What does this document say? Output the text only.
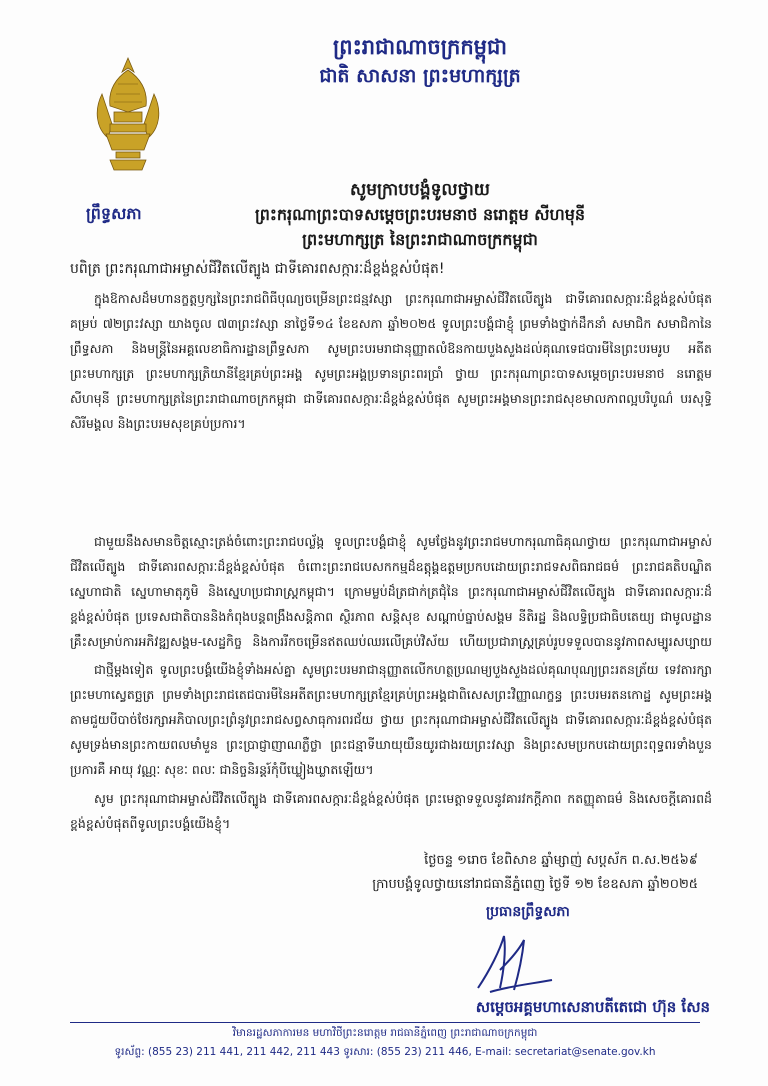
ព្រះរាជាណាចក្រកម្ពុជា
ជាតិ សាសនា ព្រះមហាក្សត្រ
ព្រឹទ្ធសភា
សូមក្រាបបង្គំទូលថ្វាយ
ព្រះករុណាព្រះបាទសម្តេចព្រះបរមនាថ នរោត្តម សីហមុនី
ព្រះមហាក្សត្រ នៃព្រះរាជាណាចក្រកម្ពុជា
បពិត្រ ព្រះករុណាជាអម្ចាស់ជីវិតលើត្បូង ជាទីគោរពសក្ការៈដ៏ខ្ពង់ខ្ពស់បំផុត!
ក្នុងឱកាសដ៏មហានក្ខត្តឫក្សនៃព្រះរាជពិធីបុណ្យចម្រើនព្រះជន្មវស្សា ព្រះករុណាជាអម្ចាស់ជីវិតលើត្បូង ជាទីគោរពសក្ការៈដ៏ខ្ពង់ខ្ពស់បំផុត គម្រប់ ៧២ព្រះវស្សា យាងចូល ៧៣ព្រះវស្សា នាថ្ងៃទី១៤ ខែឧសភា ឆ្នាំ២០២៥ ទូលព្រះបង្គំជាខ្ញុំ ព្រមទាំងថ្នាក់ដឹកនាំ សមាជិក សមាជិកានៃព្រឹទ្ធសភា និងមន្ត្រីនៃអគ្គលេខាធិការដ្ឋានព្រឹទ្ធសភា សូមព្រះបរមរាជានុញ្ញាតលំឱនកាយបួងសួងដល់គុណទេជបារមីនៃព្រះបរមរូប អតីតព្រះមហាក្សត្រ ព្រះមហាក្សត្រិយានីខ្មែរគ្រប់ព្រះអង្គ សូមព្រះអង្គប្រទានព្រះពរប្រាំ ថ្វាយ ព្រះករុណាព្រះបាទសម្តេចព្រះបរមនាថ នរោត្តម សីហមុនី ព្រះមហាក្សត្រនៃព្រះរាជាណាចក្រកម្ពុជា ជាទីគោរពសក្ការៈដ៏ខ្ពង់ខ្ពស់បំផុត សូមព្រះអង្គមានព្រះរាជសុខមាលភាពល្អបរិបូណ៌ បរសុទ្ធិ សិរីមង្គល និងព្រះបរមសុខគ្រប់ប្រការ។
ជាមួយនឹងសមានចិត្តស្មោះត្រង់ចំពោះព្រះរាជបល្ល័ង្ក ទូលព្រះបង្គំជាខ្ញុំ សូមថ្លែងនូវព្រះរាជមហាករុណាធិគុណថ្វាយ ព្រះករុណាជាអម្ចាស់ជីវិតលើត្បូង ជាទីគោរពសក្ការៈដ៏ខ្ពង់ខ្ពស់បំផុត ចំពោះព្រះរាជបេសកកម្មដ៏ឧត្តុង្គឧត្តមប្រកបដោយព្រះរាជទសពិធរាជធម៌ ព្រះរាជគតិបណ្ឌិតស្នេហាជាតិ ស្នេហាមាតុភូមិ និងស្នេហប្រជារាស្ត្រកម្ពុជា។ ក្រោមម្លប់ដ៏ត្រជាក់ត្រជុំនៃ ព្រះករុណាជាអម្ចាស់ជីវិតលើត្បូង ជាទីគោរពសក្ការៈដ៏ខ្ពង់ខ្ពស់បំផុត ប្រទេសជាតិបាននិងកំពុងបន្តពង្រឹងសន្តិភាព ស្ថិរភាព សន្តិសុខ សណ្តាប់ធ្នាប់សង្គម នីតិរដ្ឋ និងលទ្ធិប្រជាធិបតេយ្យ ជាមូលដ្ឋានគ្រឹះសម្រាប់ការអភិវឌ្ឍសង្គម-សេដ្ឋកិច្ច និងការរីកចម្រើនឥតឈប់ឈរលើគ្រប់វិស័យ ហើយប្រជារាស្ត្រគ្រប់រូបទទួលបាននូវភាពសម្បូរសប្បាយ
ជាថ្មីម្តងទៀត ទូលព្រះបង្គំយើងខ្ញុំទាំងអស់គ្នា សូមព្រះបរមរាជានុញ្ញាតលើកហត្ថប្រណម្យបួងសួងដល់គុណបុណ្យព្រះរតនត្រ័យ ទេវតារក្សាព្រះមហាស្វេតច្ឆត្រ ព្រមទាំងព្រះរាជតេជបារមីនៃអតីតព្រះមហាក្សត្រខ្មែរគ្រប់ព្រះអង្គជាពិសេសព្រះវិញ្ញាណក្ខន្ធ ព្រះបរមរតនកោដ្ឋ សូមព្រះអង្គតាមជួយបីបាច់ថែរក្សាអភិបាលព្រះព្រំនូវព្រះរាជសព្វសាធុការពរជ័យ ថ្វាយ ព្រះករុណាជាអម្ចាស់ជីវិតលើត្បូង ជាទីគោរពសក្ការៈដ៏ខ្ពង់ខ្ពស់បំផុត សូមទ្រង់មានព្រះកាយពលមាំមួន ព្រះប្រាជ្ញាញាណភ្លឺថ្លា ព្រះជន្មាទីឃាយុយឺនយូរជាងរយព្រះវស្សា និងព្រះសមប្រកបដោយព្រះពុទ្ធពរទាំងបួនប្រការគឺ អាយុ វណ្ណៈ សុខៈ ពលៈ ជានិច្ចនិរន្តរ៍កុំបីឃ្លៀងឃ្លាតឡើយ។
សូម ព្រះករុណាជាអម្ចាស់ជីវិតលើត្បូង ជាទីគោរពសក្ការៈដ៏ខ្ពង់ខ្ពស់បំផុត ព្រះមេត្តាទទួលនូវគារវកក្តីភាព កតញ្ញុតាធម៌ និងសេចក្តីគោរពដ៏ខ្ពង់ខ្ពស់បំផុតពីទូលព្រះបង្គំយើងខ្ញុំ។
ថ្ងៃចន្ទ ១រោច ខែពិសាខ ឆ្នាំម្សាញ់ សប្តស័ក ព.ស.២៥៦៩
ក្រាបបង្គំទូលថ្វាយនៅរាជធានីភ្នំពេញ ថ្ងៃទី ១២ ខែឧសភា ឆ្នាំ២០២៥
ប្រធានព្រឹទ្ធសភា
សម្តេចអគ្គមហាសេនាបតីតេជោ ហ៊ុន សែន
វិមានរដ្ឋសភាការមន មហាវិថីព្រះនរោត្តម រាជធានីភ្នំពេញ ព្រះរាជាណាចក្រកម្ពុជា
ទូរស័ព្ទ: (855 23) 211 441, 211 442, 211 443 ទូរសារ: (855 23) 211 446, E-mail: secretariat@senate.gov.kh
